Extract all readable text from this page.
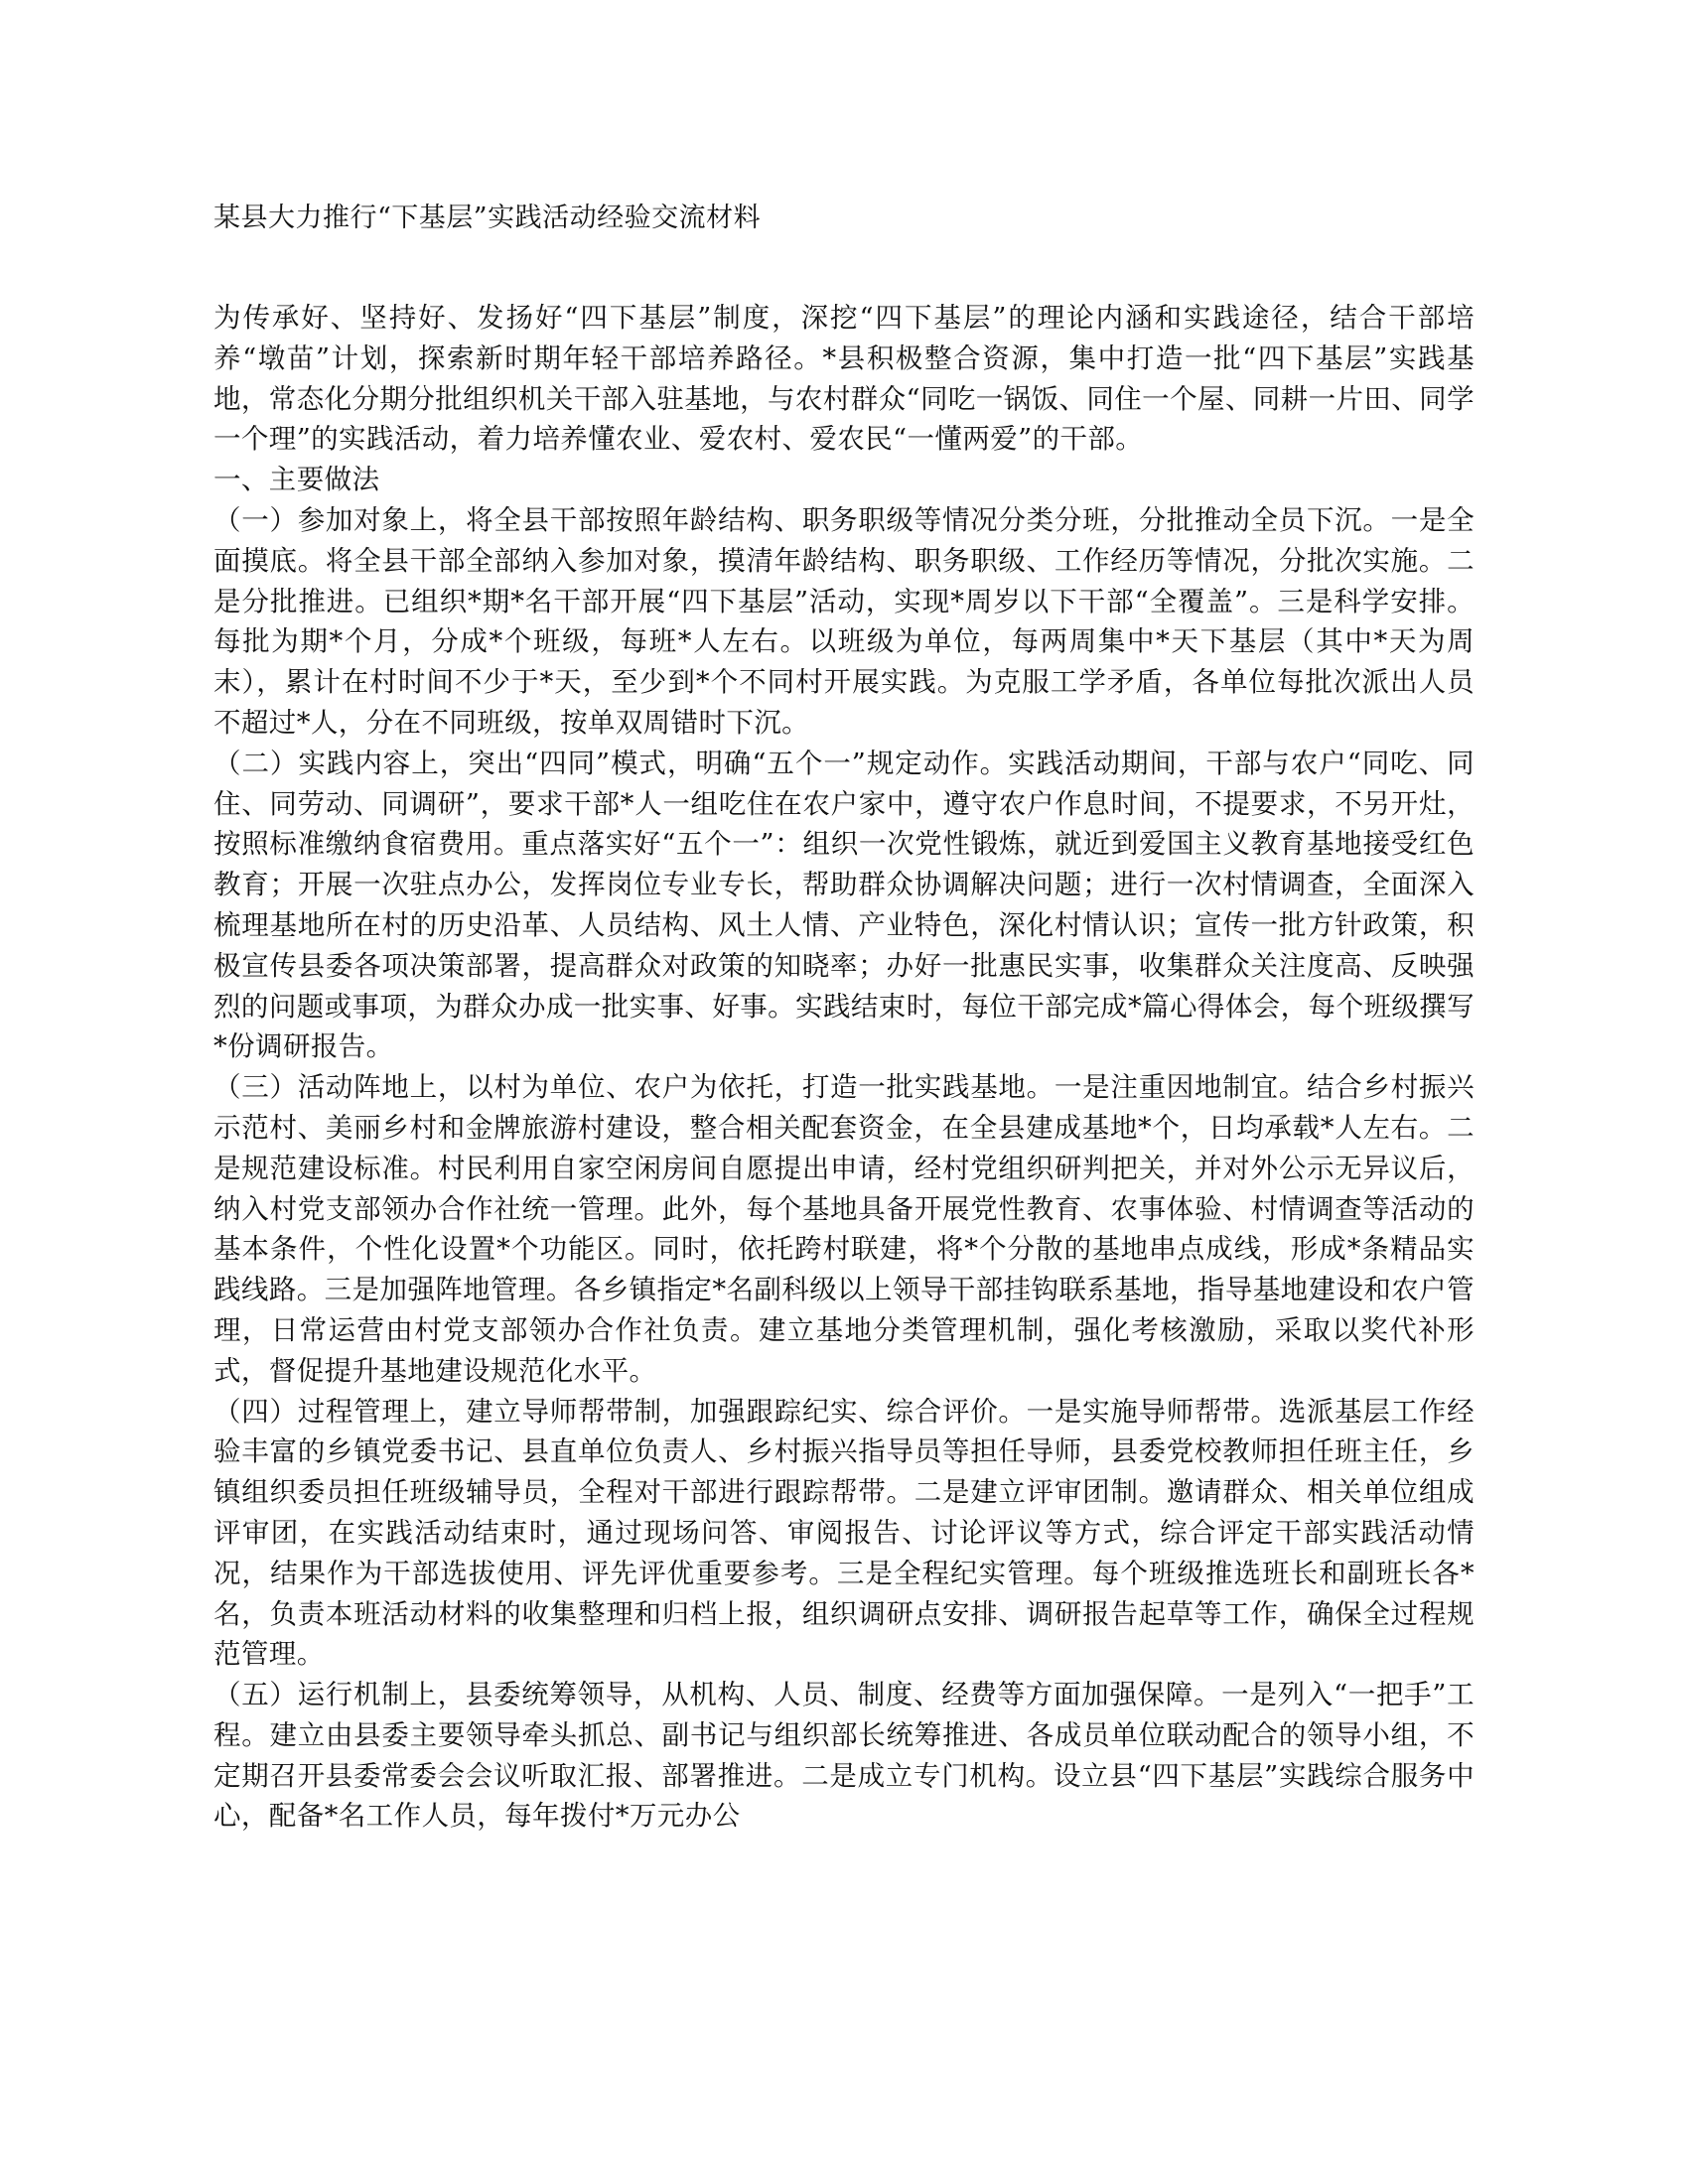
某县大力推行“下基层”实践活动经验交流材料

为传承好、坚持好、发扬好“四下基层”制度，深挖“四下基层”的理论内涵和实践途径，结合干部培养“墩苗”计划，探索新时期年轻干部培养路径。*县积极整合资源，集中打造一批“四下基层”实践基地，常态化分期分批组织机关干部入驻基地，与农村群众“同吃一锅饭、同住一个屋、同耕一片田、同学一个理”的实践活动，着力培养懂农业、爱农村、爱农民“一懂两爱”的干部。

一、主要做法

（一）参加对象上，将全县干部按照年龄结构、职务职级等情况分类分班，分批推动全员下沉。一是全面摸底。将全县干部全部纳入参加对象，摸清年龄结构、职务职级、工作经历等情况，分批次实施。二是分批推进。已组织*期*名干部开展“四下基层”活动，实现*周岁以下干部“全覆盖”。三是科学安排。每批为期*个月，分成*个班级，每班*人左右。以班级为单位，每两周集中*天下基层（其中*天为周末），累计在村时间不少于*天，至少到*个不同村开展实践。为克服工学矛盾，各单位每批次派出人员不超过*人，分在不同班级，按单双周错时下沉。

（二）实践内容上，突出“四同”模式，明确“五个一”规定动作。实践活动期间，干部与农户“同吃、同住、同劳动、同调研”，要求干部*人一组吃住在农户家中，遵守农户作息时间，不提要求，不另开灶，按照标准缴纳食宿费用。重点落实好“五个一”：组织一次党性锻炼，就近到爱国主义教育基地接受红色教育；开展一次驻点办公，发挥岗位专业专长，帮助群众协调解决问题；进行一次村情调查，全面深入梳理基地所在村的历史沿革、人员结构、风土人情、产业特色，深化村情认识；宣传一批方针政策，积极宣传县委各项决策部署，提高群众对政策的知晓率；办好一批惠民实事，收集群众关注度高、反映强烈的问题或事项，为群众办成一批实事、好事。实践结束时，每位干部完成*篇心得体会，每个班级撰写*份调研报告。

（三）活动阵地上，以村为单位、农户为依托，打造一批实践基地。一是注重因地制宜。结合乡村振兴示范村、美丽乡村和金牌旅游村建设，整合相关配套资金，在全县建成基地*个，日均承载*人左右。二是规范建设标准。村民利用自家空闲房间自愿提出申请，经村党组织研判把关，并对外公示无异议后，纳入村党支部领办合作社统一管理。此外，每个基地具备开展党性教育、农事体验、村情调查等活动的基本条件，个性化设置*个功能区。同时，依托跨村联建，将*个分散的基地串点成线，形成*条精品实践线路。三是加强阵地管理。各乡镇指定*名副科级以上领导干部挂钩联系基地，指导基地建设和农户管理，日常运营由村党支部领办合作社负责。建立基地分类管理机制，强化考核激励，采取以奖代补形式，督促提升基地建设规范化水平。

（四）过程管理上，建立导师帮带制，加强跟踪纪实、综合评价。一是实施导师帮带。选派基层工作经验丰富的乡镇党委书记、县直单位负责人、乡村振兴指导员等担任导师，县委党校教师担任班主任，乡镇组织委员担任班级辅导员，全程对干部进行跟踪帮带。二是建立评审团制。邀请群众、相关单位组成评审团，在实践活动结束时，通过现场问答、审阅报告、讨论评议等方式，综合评定干部实践活动情况，结果作为干部选拔使用、评先评优重要参考。三是全程纪实管理。每个班级推选班长和副班长各*名，负责本班活动材料的收集整理和归档上报，组织调研点安排、调研报告起草等工作，确保全过程规范管理。

（五）运行机制上，县委统筹领导，从机构、人员、制度、经费等方面加强保障。一是列入“一把手”工程。建立由县委主要领导牵头抓总、副书记与组织部长统筹推进、各成员单位联动配合的领导小组，不定期召开县委常委会会议听取汇报、部署推进。二是成立专门机构。设立县“四下基层”实践综合服务中心，配备*名工作人员，每年拨付*万元办公
